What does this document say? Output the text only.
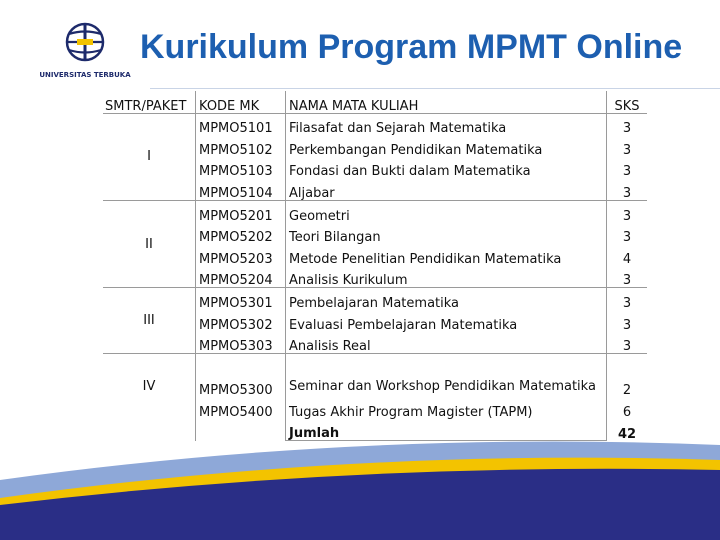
UNIVERSITAS TERBUKA
Kurikulum Program MPMT Online
SMTR/PAKET	KODE MK	NAMA MATA KULIAH	SKS
I	MPMO5101	Filasafat dan Sejarah Matematika	3
	MPMO5102	Perkembangan Pendidikan Matematika	3
	MPMO5103	Fondasi dan Bukti dalam Matematika	3
	MPMO5104	Aljabar	3
II	MPMO5201	Geometri	3
	MPMO5202	Teori Bilangan	3
	MPMO5203	Metode Penelitian Pendidikan Matematika	4
	MPMO5204	Analisis Kurikulum	3
III	MPMO5301	Pembelajaran Matematika	3
	MPMO5302	Evaluasi Pembelajaran Matematika	3
	MPMO5303	Analisis Real	3
IV	MPMO5300	Seminar dan Workshop Pendidikan Matematika	2
	MPMO5400	Tugas Akhir Program Magister (TAPM)	6
		Jumlah	42
